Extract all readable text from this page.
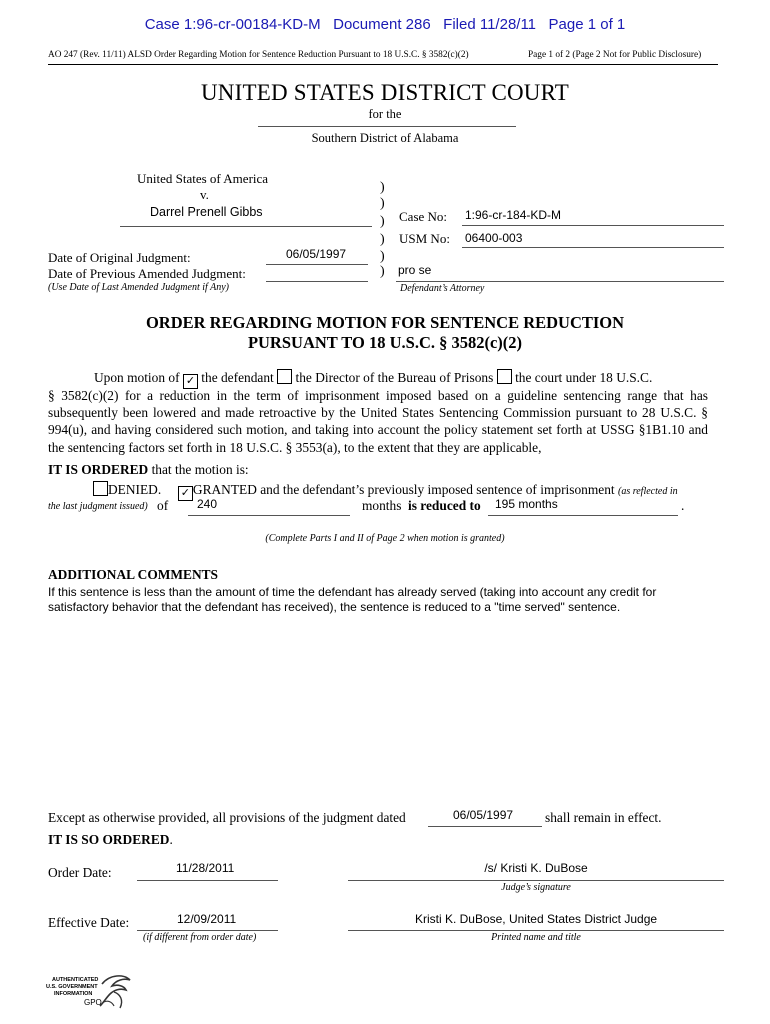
Case 1:96-cr-00184-KD-M   Document 286   Filed 11/28/11   Page 1 of 1
AO 247 (Rev. 11/11) ALSD Order Regarding Motion for Sentence Reduction Pursuant to 18 U.S.C. § 3582(c)(2)	Page 1 of 2 (Page 2 Not for Public Disclosure)
UNITED STATES DISTRICT COURT
for the
Southern District of Alabama
United States of America
v.
Darrel Prenell Gibbs
)
)
)
)
)
)
Case No: 1:96-cr-184-KD-M
USM No: 06400-003
Date of Original Judgment:	06/05/1997
Date of Previous Amended Judgment:
(Use Date of Last Amended Judgment if Any)
pro se
Defendant’s Attorney
ORDER REGARDING MOTION FOR SENTENCE REDUCTION
PURSUANT TO 18 U.S.C. § 3582(c)(2)
Upon motion of ✓ the defendant the Director of the Bureau of Prisons the court under 18 U.S.C.
§ 3582(c)(2) for a reduction in the term of imprisonment imposed based on a guideline sentencing range that has subsequently been lowered and made retroactive by the United States Sentencing Commission pursuant to 28 U.S.C. § 994(u), and having considered such motion, and taking into account the policy statement set forth at USSG §1B1.10 and the sentencing factors set forth in 18 U.S.C. § 3553(a), to the extent that they are applicable,
IT IS ORDERED that the motion is:
DENIED. ✓ GRANTED and the defendant’s previously imposed sentence of imprisonment (as reflected in
the last judgment issued) of 240	months is reduced to 195 months	.
(Complete Parts I and II of Page 2 when motion is granted)
ADDITIONAL COMMENTS
If this sentence is less than the amount of time the defendant has already served (taking into account any credit for satisfactory behavior that the defendant has received), the sentence is reduced to a "time served" sentence.
Except as otherwise provided, all provisions of the judgment dated	06/05/1997 shall remain in effect.
IT IS SO ORDERED.
Order Date:	11/28/2011	/s/ Kristi K. DuBose
Judge’s signature
Effective Date:	12/09/2011
(if different from order date)
Kristi K. DuBose, United States District Judge
Printed name and title
AUTHENTICATED
U.S. GOVERNMENT
INFORMATION
GPO
